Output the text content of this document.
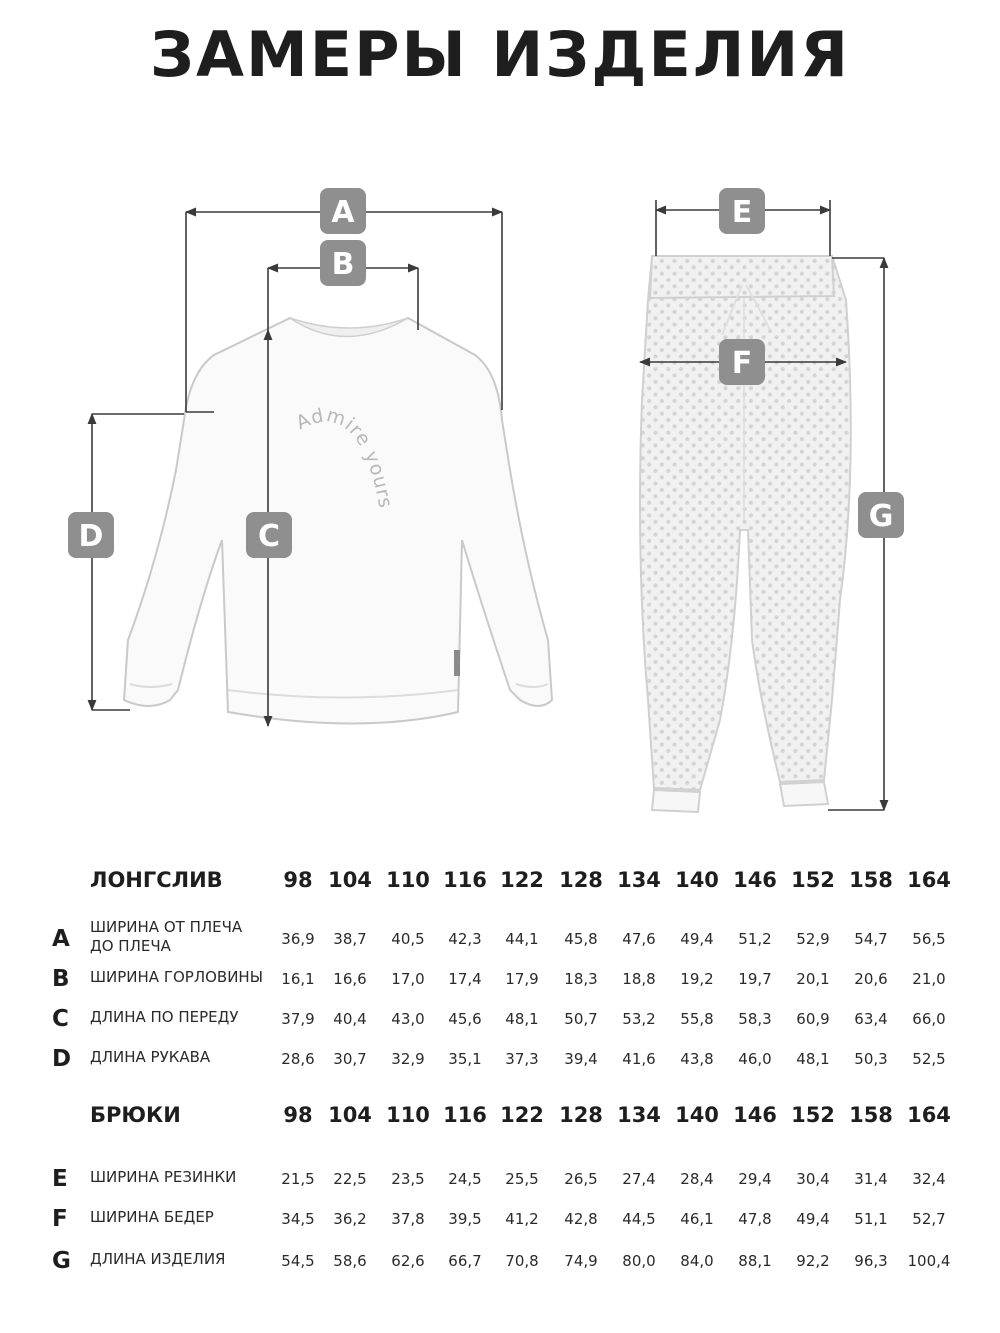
ЗАМЕРЫ ИЗДЕЛИЯ
Admire yours
A
B
C
D
E
F
G
ЛОНГСЛИВ	98 104 110 116 122 128 134 140 146 152 158 164
A ШИРИНА ОТ ПЛЕЧА
ДО ПЛЕЧА	36,9	38,7	40,5	42,3	44,1	45,8	47,6	49,4	51,2	52,9	54,7	56,5
B ШИРИНА ГОРЛОВИНЫ	16,1	16,6	17,0	17,4	17,9	18,3	18,8	19,2	19,7	20,1	20,6	21,0
C ДЛИНА ПО ПЕРЕДУ	37,9	40,4	43,0	45,6	48,1	50,7	53,2	55,8	58,3	60,9	63,4	66,0
D ДЛИНА РУКАВА	28,6	30,7	32,9	35,1	37,3	39,4	41,6	43,8	46,0	48,1	50,3	52,5
БРЮКИ	98 104 110 116 122 128 134 140 146 152 158 164
E ШИРИНА РЕЗИНКИ	21,5	22,5	23,5	24,5	25,5	26,5	27,4	28,4	29,4	30,4	31,4	32,4
F ШИРИНА БЕДЕР	34,5	36,2	37,8	39,5	41,2	42,8	44,5	46,1	47,8	49,4	51,1	52,7
G ДЛИНА ИЗДЕЛИЯ	54,5	58,6	62,6	66,7	70,8	74,9	80,0	84,0	88,1	92,2	96,3	100,4
